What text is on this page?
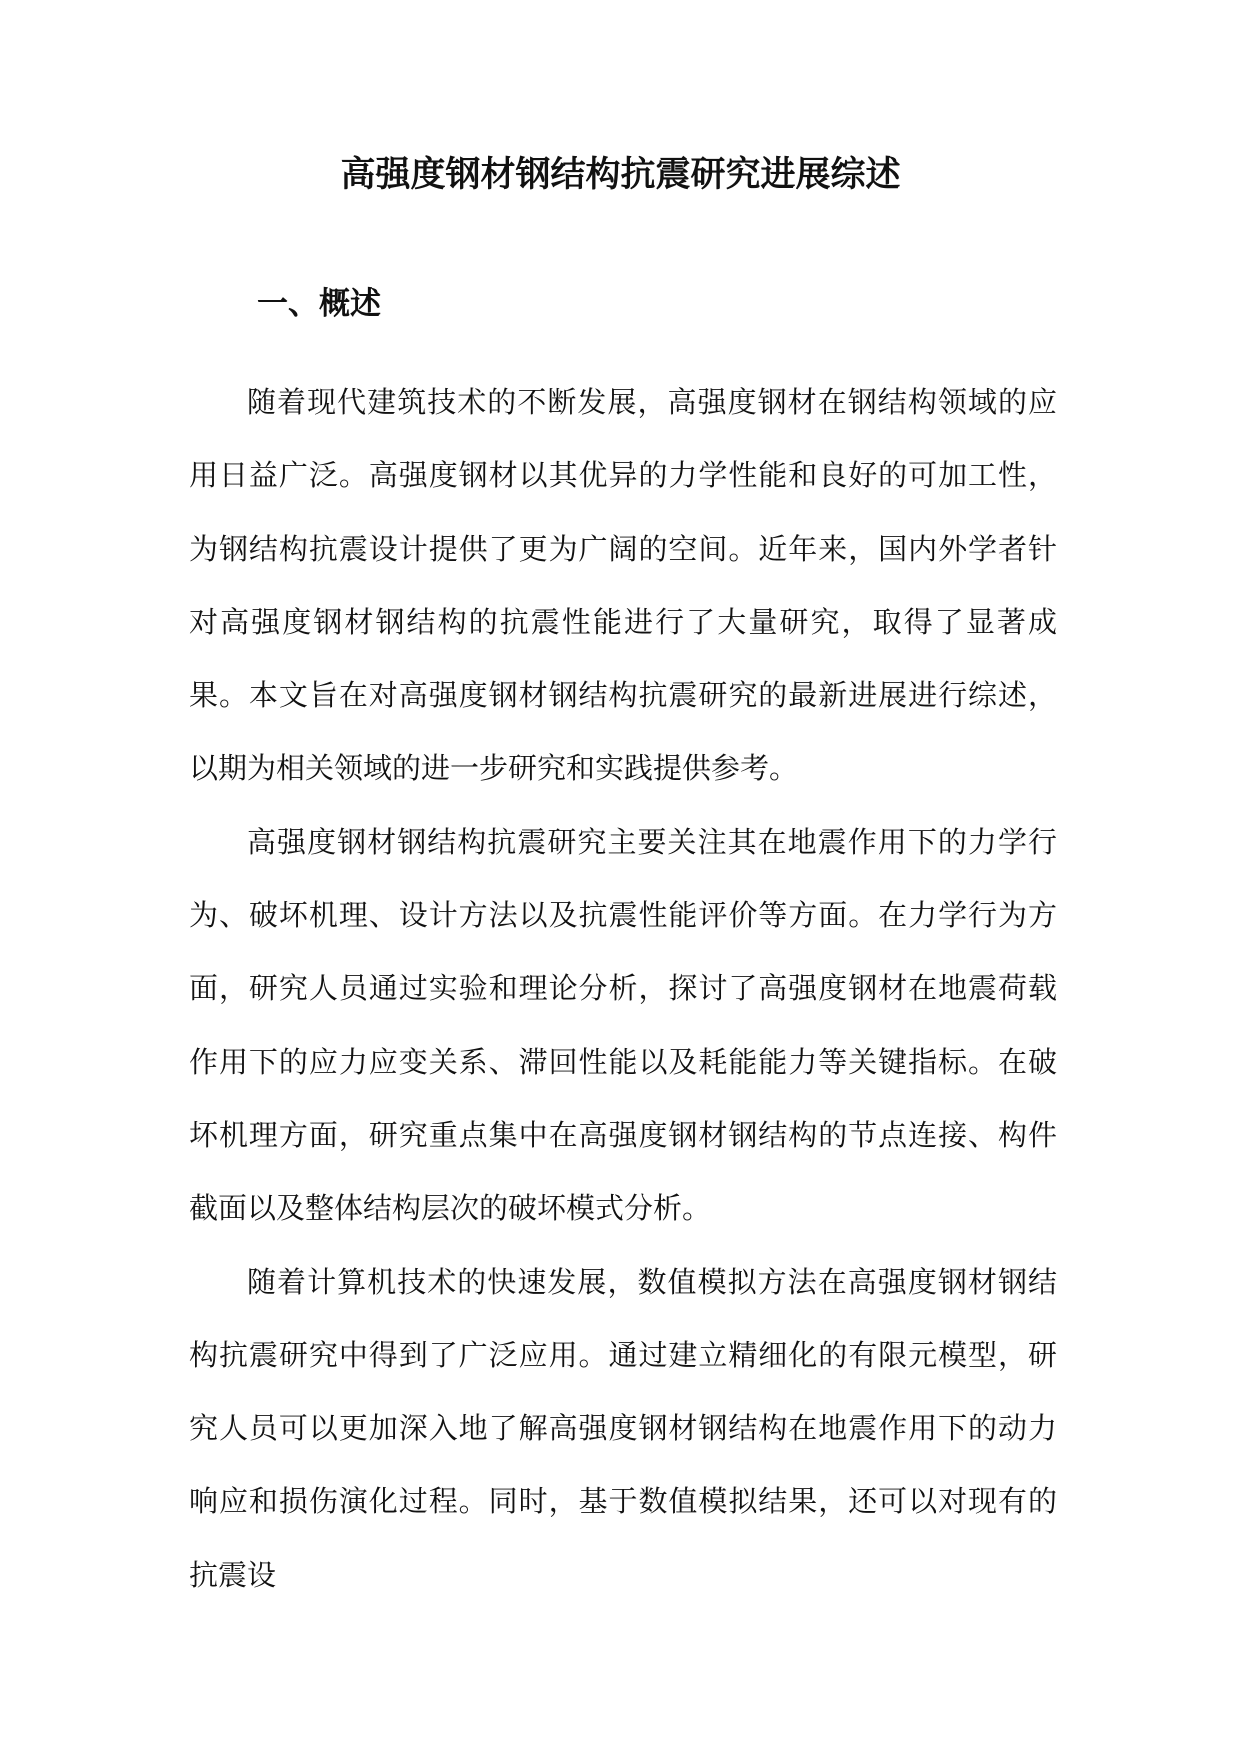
高强度钢材钢结构抗震研究进展综述
一、概述

随着现代建筑技术的不断发展，高强度钢材在钢结构领域的应用日益广泛。高强度钢材以其优异的力学性能和良好的可加工性，为钢结构抗震设计提供了更为广阔的空间。近年来，国内外学者针对高强度钢材钢结构的抗震性能进行了大量研究，取得了显著成果。本文旨在对高强度钢材钢结构抗震研究的最新进展进行综述，以期为相关领域的进一步研究和实践提供参考。

高强度钢材钢结构抗震研究主要关注其在地震作用下的力学行为、破坏机理、设计方法以及抗震性能评价等方面。在力学行为方面，研究人员通过实验和理论分析，探讨了高强度钢材在地震荷载作用下的应力应变关系、滞回性能以及耗能能力等关键指标。在破坏机理方面，研究重点集中在高强度钢材钢结构的节点连接、构件截面以及整体结构层次的破坏模式分析。

随着计算机技术的快速发展，数值模拟方法在高强度钢材钢结构抗震研究中得到了广泛应用。通过建立精细化的有限元模型，研究人员可以更加深入地了解高强度钢材钢结构在地震作用下的动力响应和损伤演化过程。同时，基于数值模拟结果，还可以对现有的抗震设
